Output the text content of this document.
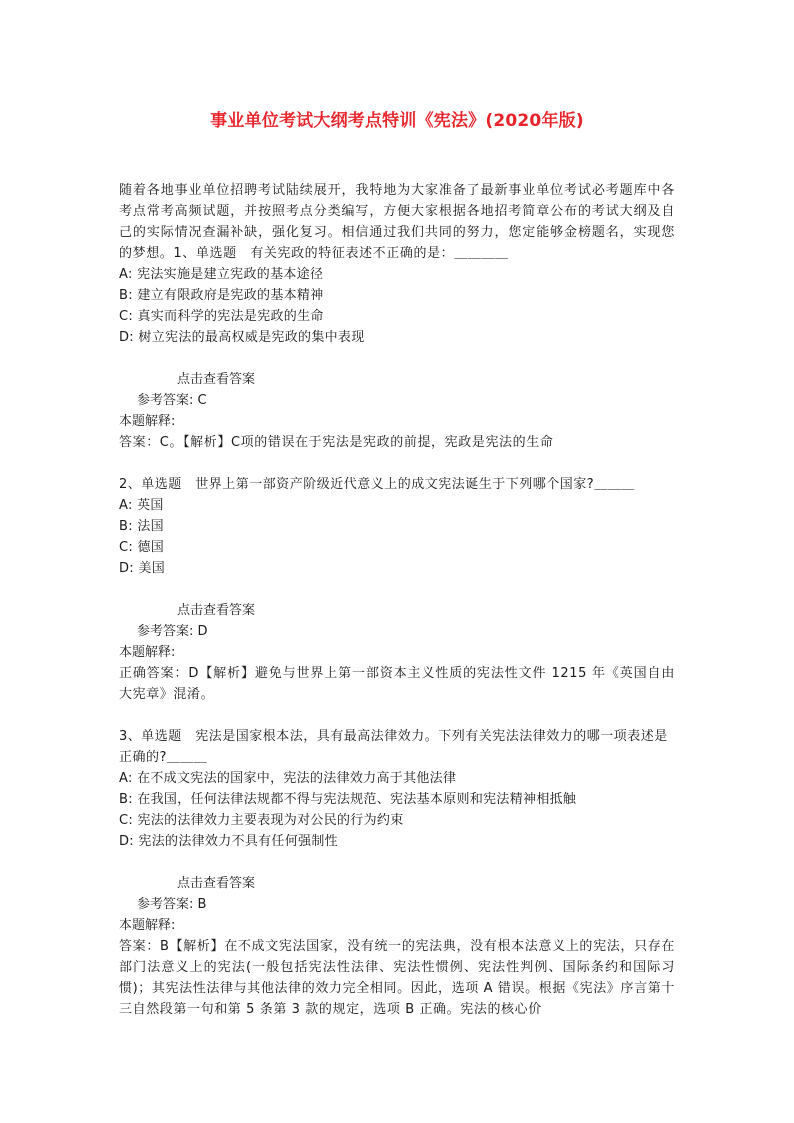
事业单位考试大纲考点特训《宪法》(2020年版)

随着各地事业单位招聘考试陆续展开，我特地为大家准备了最新事业单位考试必考题库中各考点常考高频试题，并按照考点分类编写，方便大家根据各地招考简章公布的考试大纲及自己的实际情况查漏补缺，强化复习。相信通过我们共同的努力，您定能够金榜题名，实现您的梦想。1、单选题　有关宪政的特征表述不正确的是：＿＿＿＿

A: 宪法实施是建立宪政的基本途径

B: 建立有限政府是宪政的基本精神

C: 真实而科学的宪法是宪政的生命

D: 树立宪法的最高权威是宪政的集中表现

点击查看答案

参考答案: C

本题解释:

答案：C。【解析】C项的错误在于宪法是宪政的前提，宪政是宪法的生命

2、单选题　世界上第一部资产阶级近代意义上的成文宪法诞生于下列哪个国家?＿＿＿

A: 英国

B: 法国

C: 德国

D: 美国

点击查看答案

参考答案: D

本题解释:

正确答案：D【解析】避免与世界上第一部资本主义性质的宪法性文件 1215 年《英国自由大宪章》混淆。

3、单选题　宪法是国家根本法，具有最高法律效力。下列有关宪法法律效力的哪一项表述是正确的?＿＿＿

A: 在不成文宪法的国家中，宪法的法律效力高于其他法律

B: 在我国，任何法律法规都不得与宪法规范、宪法基本原则和宪法精神相抵触

C: 宪法的法律效力主要表现为对公民的行为约束

D: 宪法的法律效力不具有任何强制性

点击查看答案

参考答案: B

本题解释:

答案：B【解析】在不成文宪法国家，没有统一的宪法典，没有根本法意义上的宪法，只存在部门法意义上的宪法(一般包括宪法性法律、宪法性惯例、宪法性判例、国际条约和国际习惯)；其宪法性法律与其他法律的效力完全相同。因此，选项 A 错误。根据《宪法》序言第十三自然段第一句和第 5 条第 3 款的规定，选项 B 正确。宪法的核心价
